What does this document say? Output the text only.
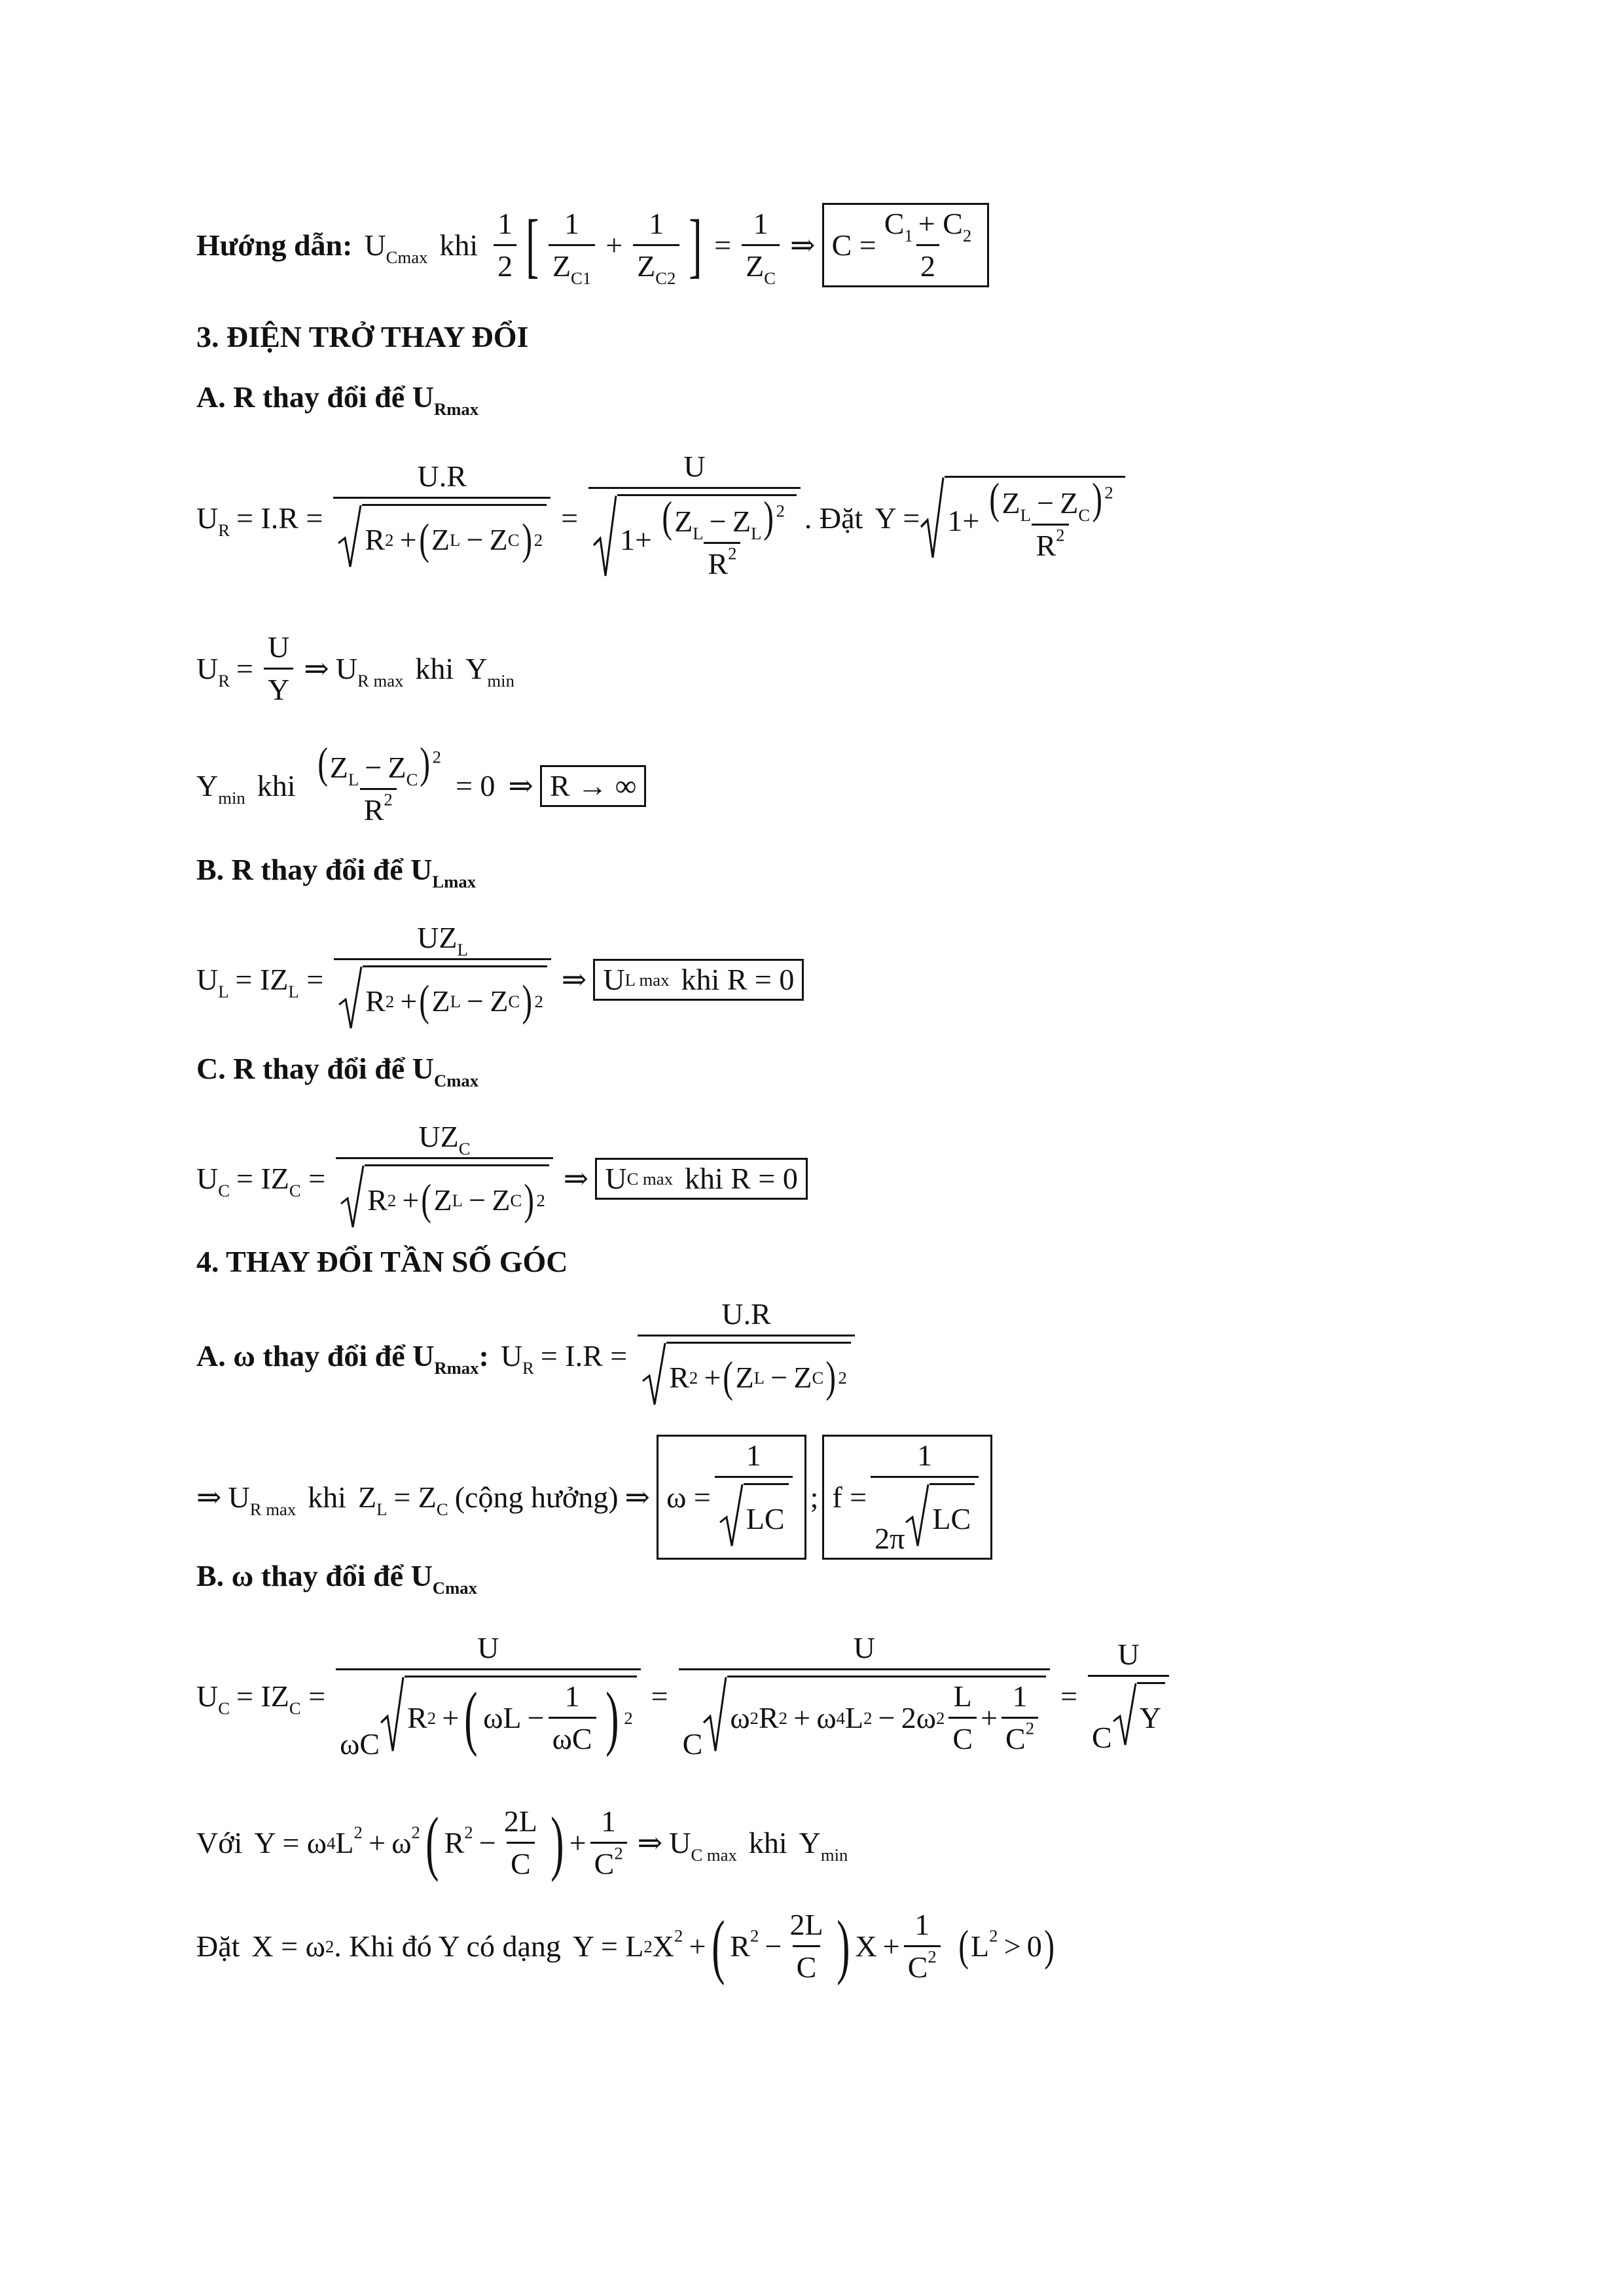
Hướng dẫn: $U_{Cmax}$ khi $\frac{1}{2}$ [ $\frac{1}{Z_{C1}} + \frac{1}{Z_{C2}}$ ] = $\frac{1}{Z_C}$ ⇒ $C = \frac{C_1 + C_2}{2}$
3. ĐIỆN TRỞ THAY ĐỔI
A. R thay đổi để $U_{Rmax}$
$U_R = I.R = \frac{U.R}{\text{R 2  + ( Z L  − Z C ) 2}} = \frac{U}{1+ \frac{(Z_L - Z_L) ^2}{R^2}}$ . Đặt $Y = 1+ \frac{(Z_L - Z_C) ^2}{R^2}$
$U_R = \frac{U}{Y}$ ⇒ $U_{R max}$ khi $Y_{min}$
$Y_{min}$ khi $\frac{(Z_L - Z_C) ^2}{R^2} = 0$ ⇒ R → ∞
B. R thay đổi để $U_{Lmax}$
$U_L = IZ_L = \frac{UZ_L}{\text{R 2  + ( Z L  − Z C ) 2}}$ ⇒ U L max khi R = 0
C. R thay đổi để $U_{Cmax}$
$U_C = IZ_C = \frac{UZ_C}{\text{R 2  + ( Z L  − Z C ) 2}}$ ⇒ U C max khi R = 0
4. THAY ĐỔI TẦN SỐ GÓC
A. ω thay đổi để $U_{Rmax}$: $U_R = I.R = \frac{U.R}{\text{R 2  + ( Z L  − Z C ) 2}}$
⇒ $U_{R max}$ khi $Z_L = Z_C$ (cộng hưởng) ⇒ $\omega = \frac{1}{LC}$ ; f = 1
2π
LC
B. ω thay đổi để $U_{Cmax}$
$U_C = IZ_C = U$
ωC
R 2  + ( $\omega L - \frac{1}{\omega C}$ ) 2 = U
C
ω 2 R 2  + ω 4 L 2  − 2ω $2 \frac{L}{C} + \frac{1}{C^2} = U$
C
Y
Với Y = ω 4 $L^2 + \omega^2$ ( $R^2 - \frac{2L}{C}$ ) + $\frac{1}{C^2}$ ⇒ $U_{C max}$ khi $Y_{min}$
Đặt X = ω 2 . Khi đó Y có dạng Y = L 2 $X^2$ + ( $R^2 - \frac{2L}{C}$ ) $X + \frac{1}{C^2}$ ( $L^2 > 0$ )
